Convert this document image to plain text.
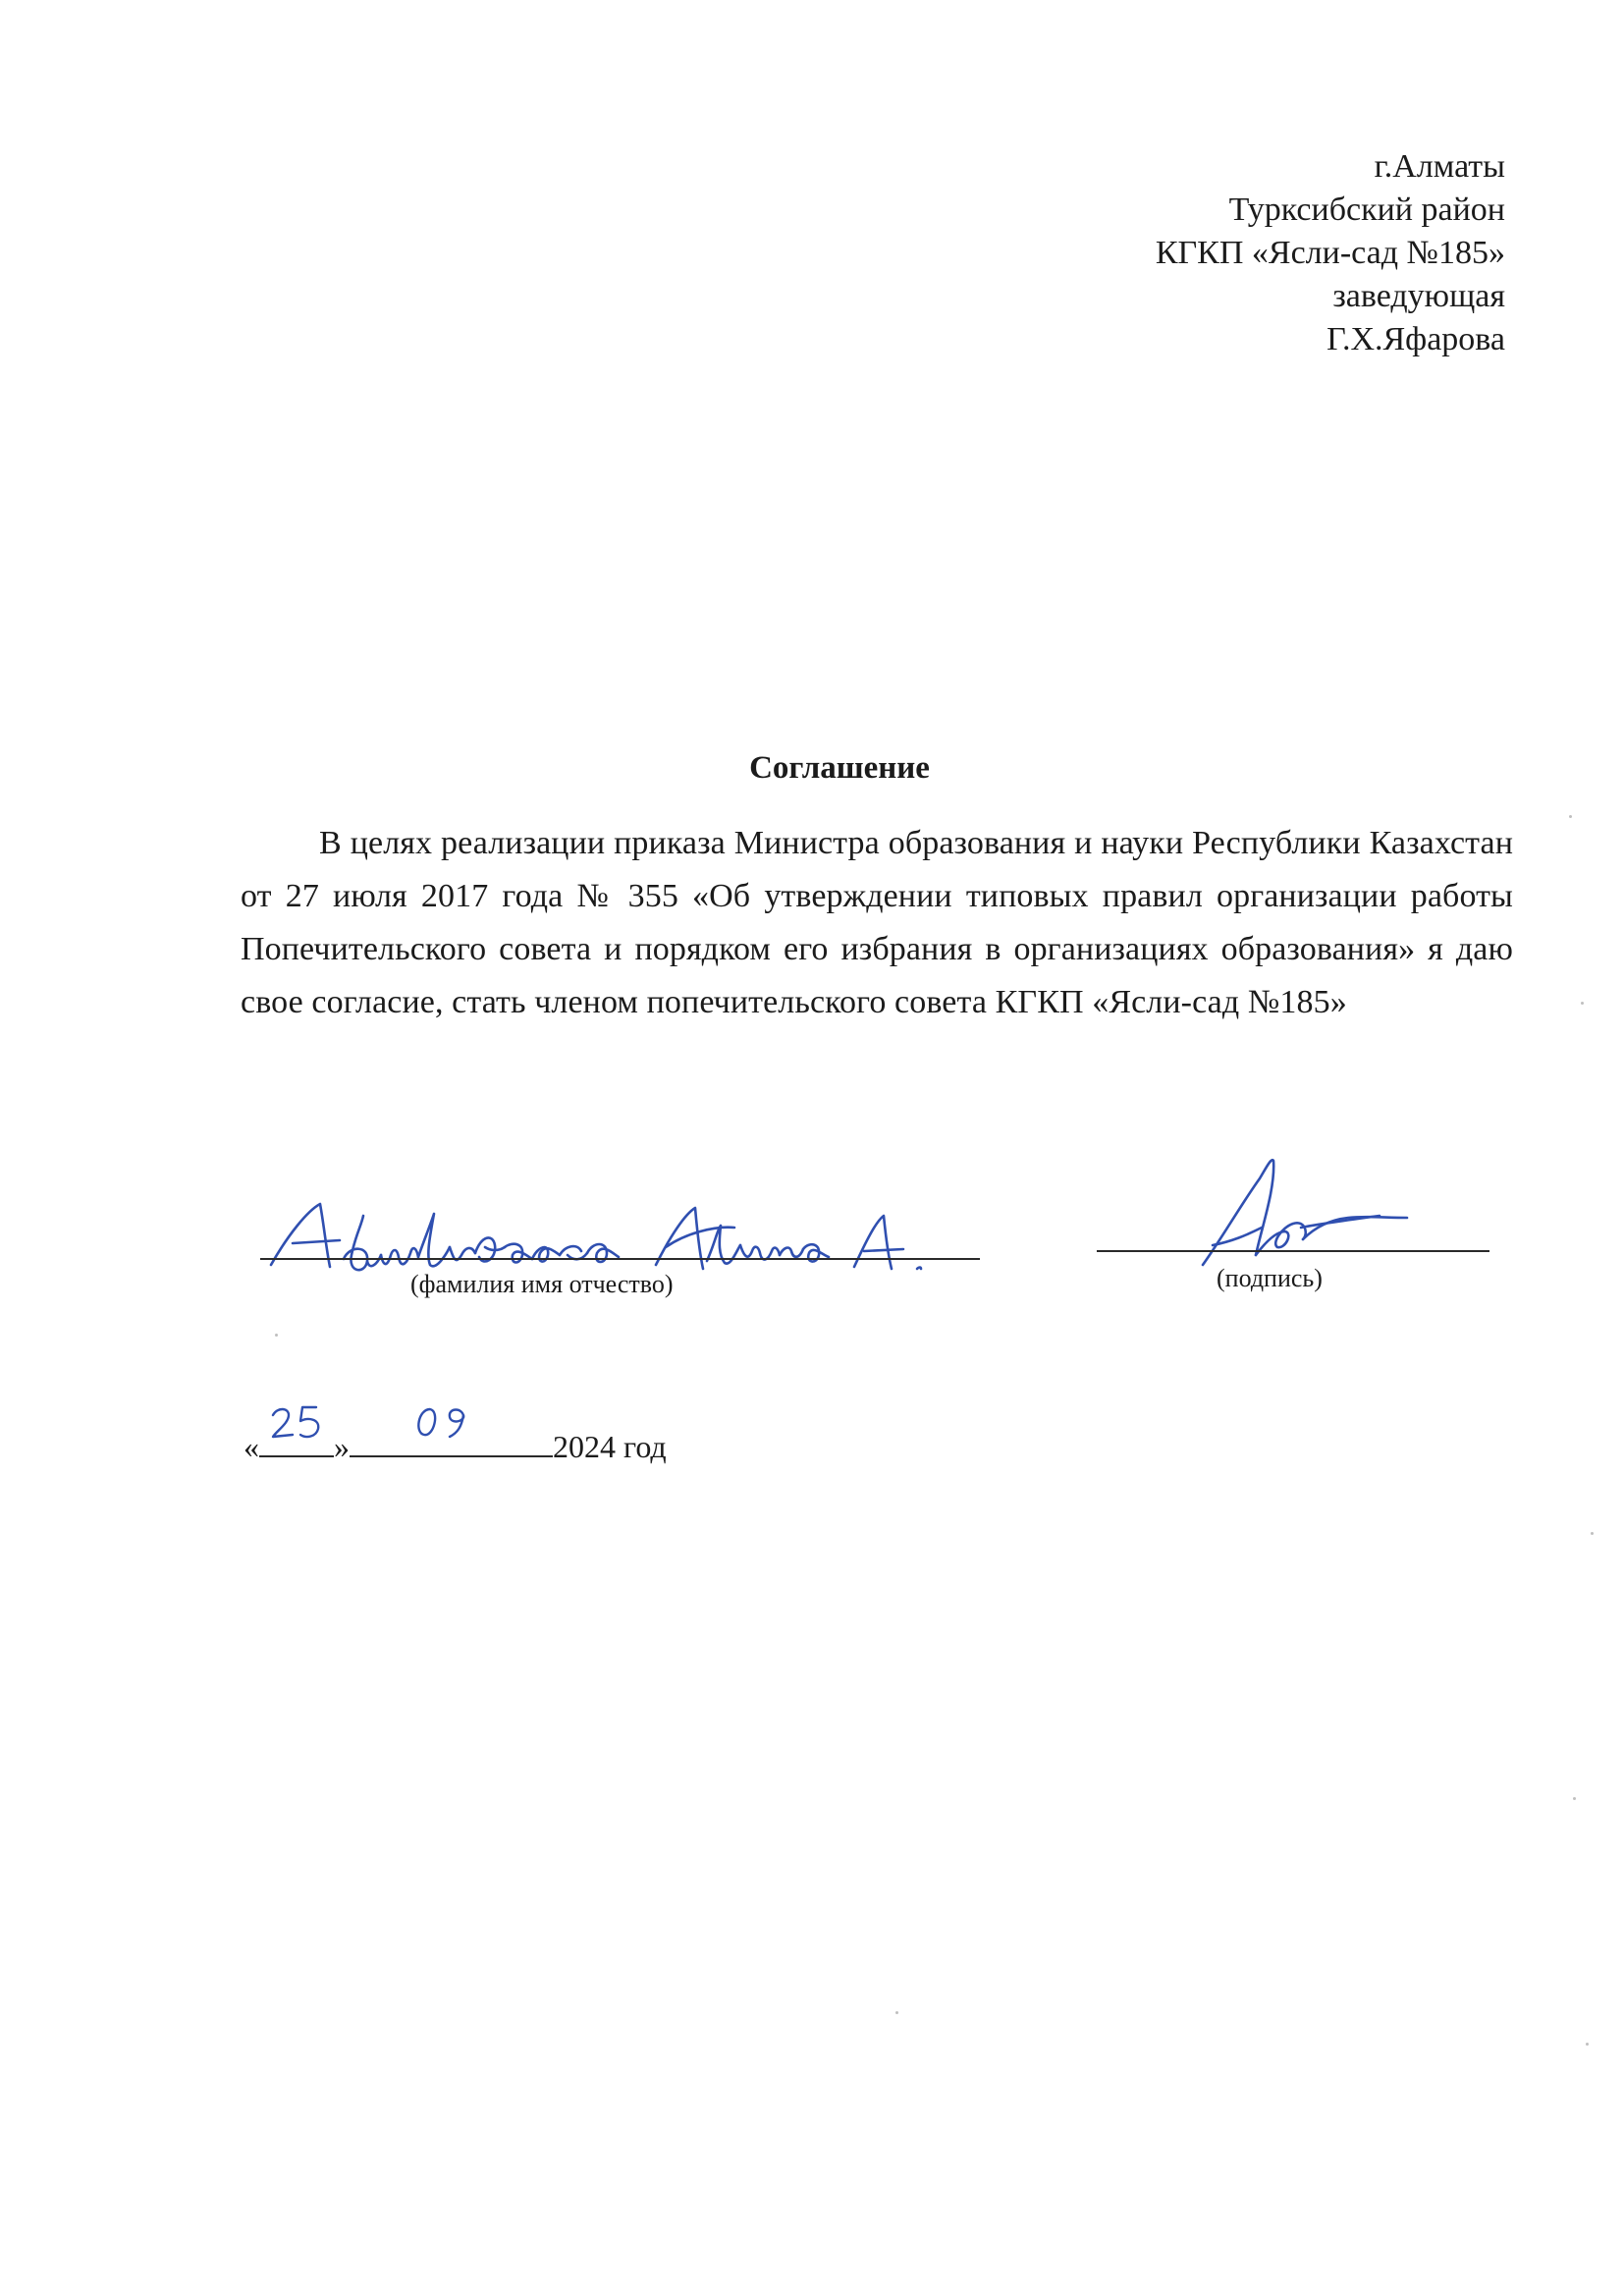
г.Алматы
Турксибский район
КГКП «Ясли-сад №185»
заведующая
Г.Х.Яфарова
Соглашение
В целях реализации приказа Министра образования и науки Республики Казахстан от 27 июля 2017 года № 355 «Об утверждении типовых правил организации работы Попечительского совета и порядком его избрания в организациях образования» я даю свое согласие, стать членом попечительского совета КГКП «Ясли-сад №185»
(фамилия имя отчество)	(подпись)
« »	2024 год
